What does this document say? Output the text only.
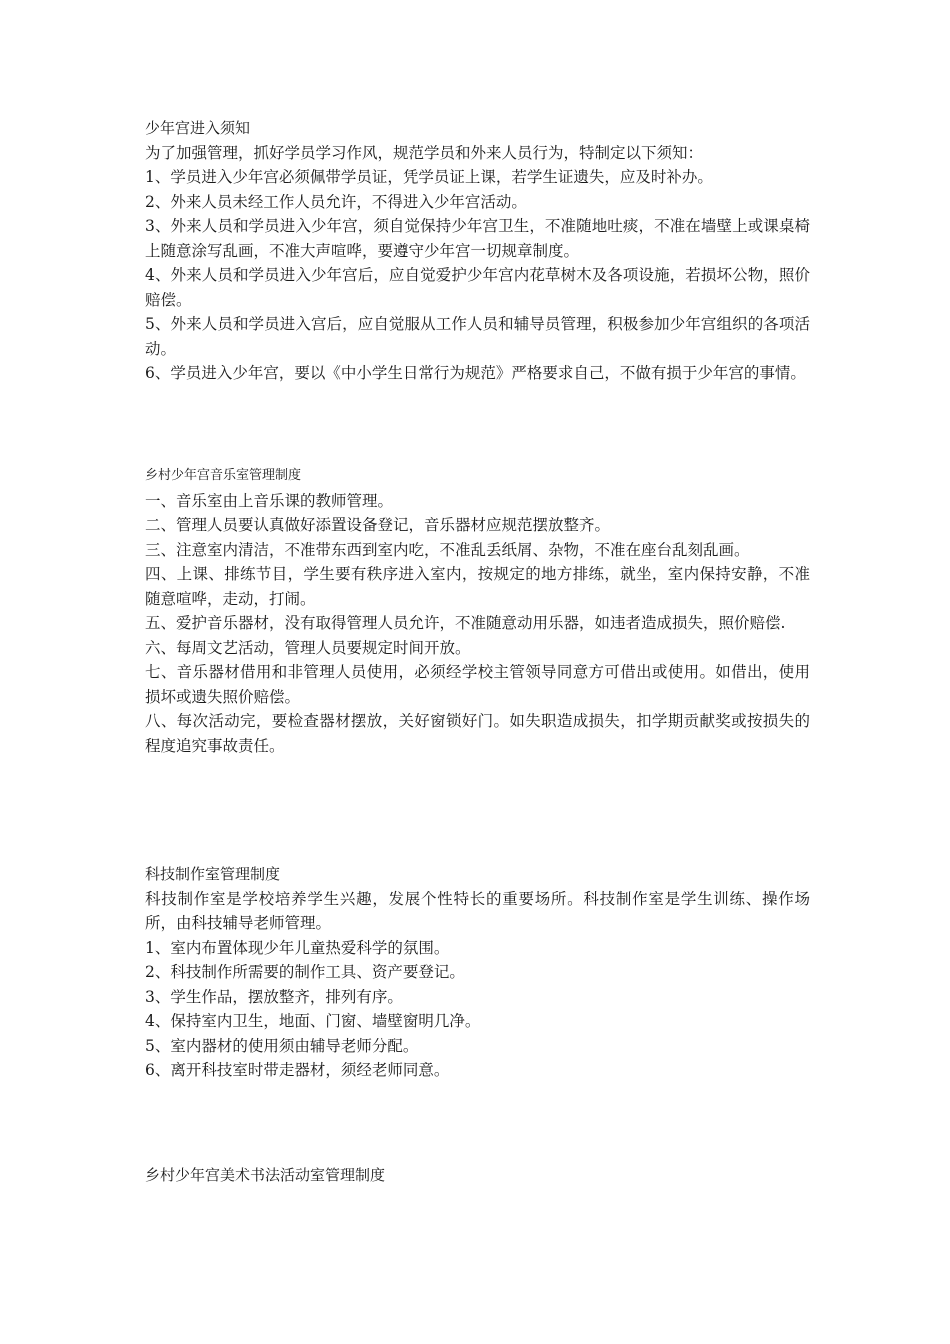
少年宫进入须知

为了加强管理，抓好学员学习作风，规范学员和外来人员行为，特制定以下须知：

1、学员进入少年宫必须佩带学员证，凭学员证上课，若学生证遗失，应及时补办。

2、外来人员未经工作人员允许，不得进入少年宫活动。

3、外来人员和学员进入少年宫，须自觉保持少年宫卫生，不准随地吐痰，不准在墙壁上或课桌椅上随意涂写乱画，不准大声喧哗，要遵守少年宫一切规章制度。

4、外来人员和学员进入少年宫后，应自觉爱护少年宫内花草树木及各项设施，若损坏公物，照价赔偿。

5、外来人员和学员进入宫后，应自觉服从工作人员和辅导员管理，积极参加少年宫组织的各项活动。

6、学员进入少年宫，要以《中小学生日常行为规范》严格要求自己，不做有损于少年宫的事情。

乡村少年宫音乐室管理制度

一、音乐室由上音乐课的教师管理。

二、管理人员要认真做好添置设备登记，音乐器材应规范摆放整齐。

三、注意室内清洁，不准带东西到室内吃，不准乱丢纸屑、杂物，不准在座台乱刻乱画。

四、上课、排练节目，学生要有秩序进入室内，按规定的地方排练，就坐，室内保持安静，不准随意喧哗，走动，打闹。

五、爱护音乐器材，没有取得管理人员允许，不准随意动用乐器，如违者造成损失，照价赔偿.

六、每周文艺活动，管理人员要规定时间开放。

七、音乐器材借用和非管理人员使用，必须经学校主管领导同意方可借出或使用。如借出，使用损坏或遗失照价赔偿。

八、每次活动完，要检查器材摆放，关好窗锁好门。如失职造成损失，扣学期贡献奖或按损失的程度追究事故责任。

科技制作室管理制度

科技制作室是学校培养学生兴趣，发展个性特长的重要场所。科技制作室是学生训练、操作场所，由科技辅导老师管理。

1、室内布置体现少年儿童热爱科学的氛围。

2、科技制作所需要的制作工具、资产要登记。

3、学生作品，摆放整齐，排列有序。

4、保持室内卫生，地面、门窗、墙壁窗明几净。

5、室内器材的使用须由辅导老师分配。

6、离开科技室时带走器材，须经老师同意。

乡村少年宫美术书法活动室管理制度
